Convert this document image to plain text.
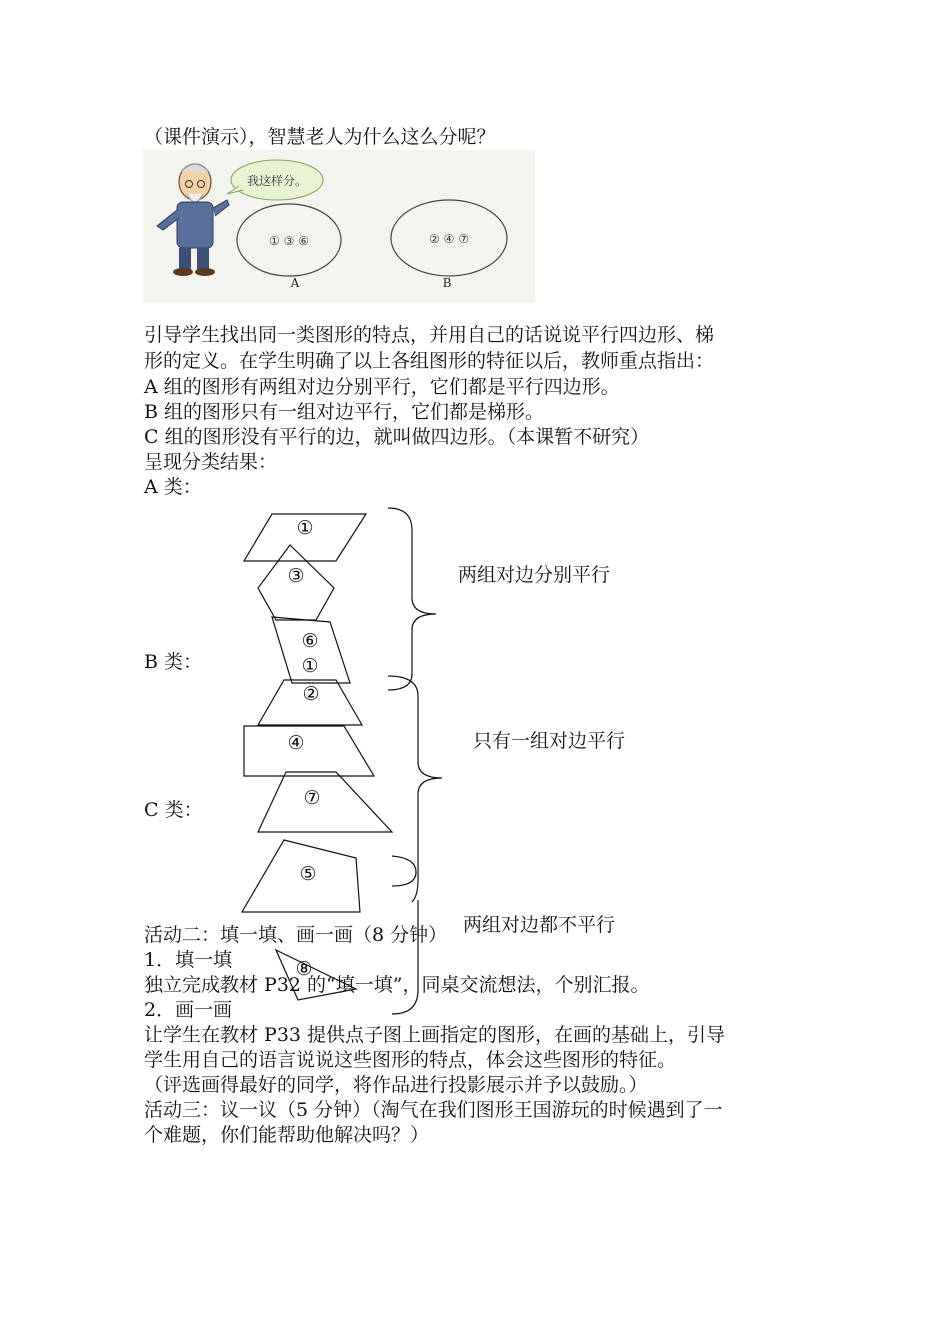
（课件演示），智慧老人为什么这么分呢？
我这样分。
① ③ ⑥
A
② ④ ⑦
B
引导学生找出同一类图形的特点，并用自己的话说说平行四边形、梯
形的定义。在学生明确了以上各组图形的特征以后，教师重点指出：
A 组的图形有两组对边分别平行，它们都是平行四边形。
B 组的图形只有一组对边平行，它们都是梯形。
C 组的图形没有平行的边，就叫做四边形。（本课暂不研究）
呈现分类结果：
A 类：
B 类：
C 类：
①
③
⑥
①
②
④
⑦
⑤
⑧
两组对边分别平行
只有一组对边平行
两组对边都不平行
活动二：填一填、画一画（8 分钟）
1．填一填
独立完成教材 P32 的“填一填”，同桌交流想法，个别汇报。
2．画一画
让学生在教材 P33 提供点子图上画指定的图形，在画的基础上，引导
学生用自己的语言说说这些图形的特点，体会这些图形的特征。
（评选画得最好的同学，将作品进行投影展示并予以鼓励。）
活动三：议一议（5 分钟）（淘气在我们图形王国游玩的时候遇到了一
个难题，你们能帮助他解决吗？）
